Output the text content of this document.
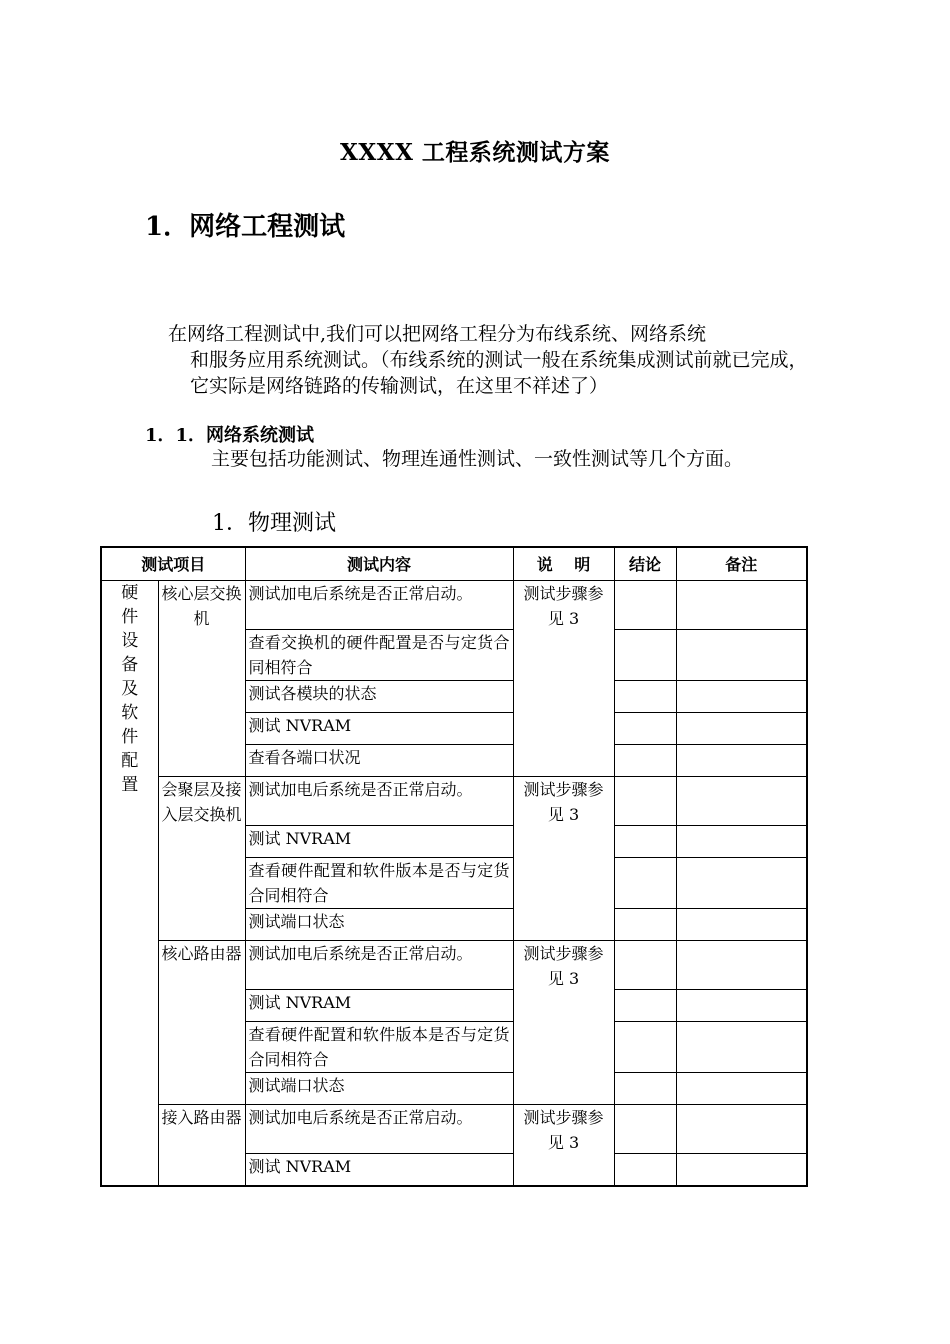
XXXX 工程系统测试方案
1．网络工程测试
在网络工程测试中,我们可以把网络工程分为布线系统、网络系统
和服务应用系统测试。（布线系统的测试一般在系统集成测试前就已完成，它实际是网络链路的传输测试，在这里不祥述了）
1．1．网络系统测试
主要包括功能测试、物理连通性测试、一致性测试等几个方面。
1．物理测试
测试项目		测试内容	说　 明	结论	备注

硬件设备及软件配置	核心层交换机	测试加电后系统是否正常启动。	测试步骤参见 3		
		查看交换机的硬件配置是否与定货合同相符合			
		测试各模块的状态			
		测试 NVRAM			
		查看各端口状况			
	会聚层及接入层交换机	测试加电后系统是否正常启动。	测试步骤参见 3		
		测试 NVRAM			
		查看硬件配置和软件版本是否与定货合同相符合			
		测试端口状态			
	核心路由器	测试加电后系统是否正常启动。	测试步骤参见 3		
		测试 NVRAM			
		查看硬件配置和软件版本是否与定货合同相符合			
		测试端口状态			
	接入路由器	测试加电后系统是否正常启动。	测试步骤参见 3		
		测试 NVRAM			
